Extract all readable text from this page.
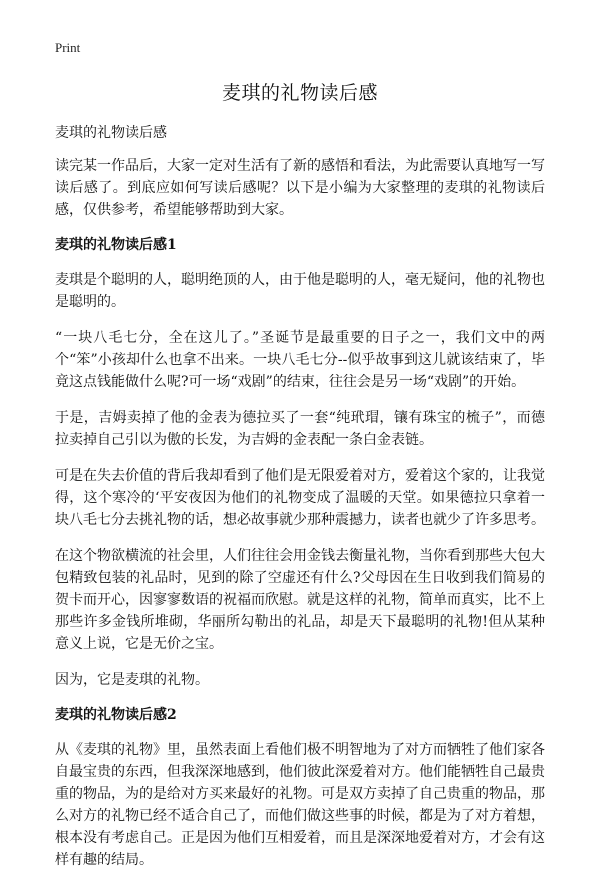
Print
麦琪的礼物读后感
麦琪的礼物读后感

读完某一作品后，大家一定对生活有了新的感悟和看法，为此需要认真地写一写读后感了。到底应如何写读后感呢？以下是小编为大家整理的麦琪的礼物读后感，仅供参考，希望能够帮助到大家。

麦琪的礼物读后感1

麦琪是个聪明的人，聪明绝顶的人，由于他是聪明的人，毫无疑问，他的礼物也是聪明的。

“一块八毛七分，全在这儿了。”圣诞节是最重要的日子之一，我们文中的两个“笨”小孩却什么也拿不出来。一块八毛七分--似乎故事到这儿就该结束了，毕竟这点钱能做什么呢?可一场“戏剧”的结束，往往会是另一场“戏剧”的开始。

于是，吉姆卖掉了他的金表为德拉买了一套“纯玳瑁，镶有珠宝的梳子”，而德拉卖掉自己引以为傲的长发，为吉姆的金表配一条白金表链。

可是在失去价值的背后我却看到了他们是无限爱着对方，爱着这个家的，让我觉得，这个寒冷的‘平安夜因为他们的礼物变成了温暖的天堂。如果德拉只拿着一块八毛七分去挑礼物的话，想必故事就少那种震撼力，读者也就少了许多思考。

在这个物欲横流的社会里，人们往往会用金钱去衡量礼物，当你看到那些大包大包精致包装的礼品时，见到的除了空虚还有什么?父母因在生日收到我们简易的贺卡而开心，因寥寥数语的祝福而欣慰。就是这样的礼物，简单而真实，比不上那些许多金钱所堆砌，华丽所勾勒出的礼品，却是天下最聪明的礼物!但从某种意义上说，它是无价之宝。

因为，它是麦琪的礼物。

麦琪的礼物读后感2

从《麦琪的礼物》里，虽然表面上看他们极不明智地为了对方而牺牲了他们家各自最宝贵的东西，但我深深地感到，他们彼此深爱着对方。他们能牺牲自己最贵重的物品，为的是给对方买来最好的礼物。可是双方卖掉了自己贵重的物品，那么对方的礼物已经不适合自己了，而他们做这些事的时候，都是为了对方着想，根本没有考虑自己。正是因为他们互相爱着，而且是深深地爱着对方，才会有这样有趣的结局。
